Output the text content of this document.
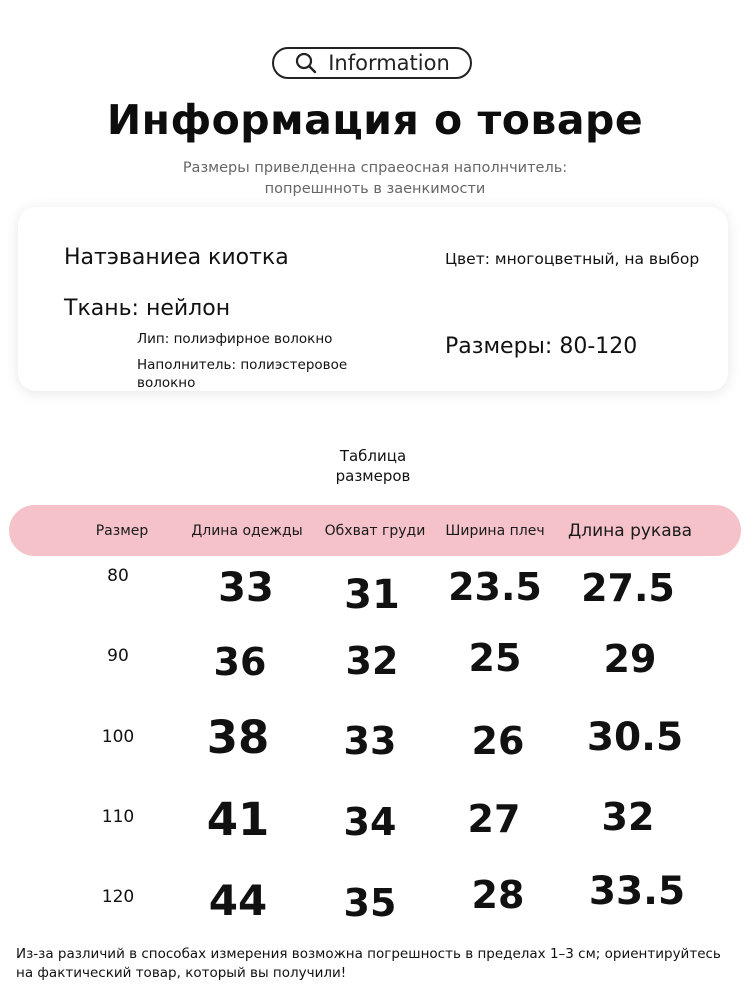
Information
Информация о товаре
Размерьı привелденна спраеосная наполнчитель:
попрешнноть в заенкимости
Натэваниеа киотка	Цвет: многоцветный, на выбор
Ткань: нейлон
Лип: полиэфирное волокно
Наполнитель: полиэстеровое волокно
Размеры: 80-120
Таблица
размеров
Размер	Длина одежды	Обхват груди	Ширина плеч	Длина рукава
80	33	31	23.5	27.5
90	36	32	25	29
100	38	33	26	30.5
110	41	34	27	32
120	44	35	28	33.5
Из-за различий в способах измерения возможна погрешность в пределах 1–3 см; ориентируйтесь на фактический товар, который вы получили!
